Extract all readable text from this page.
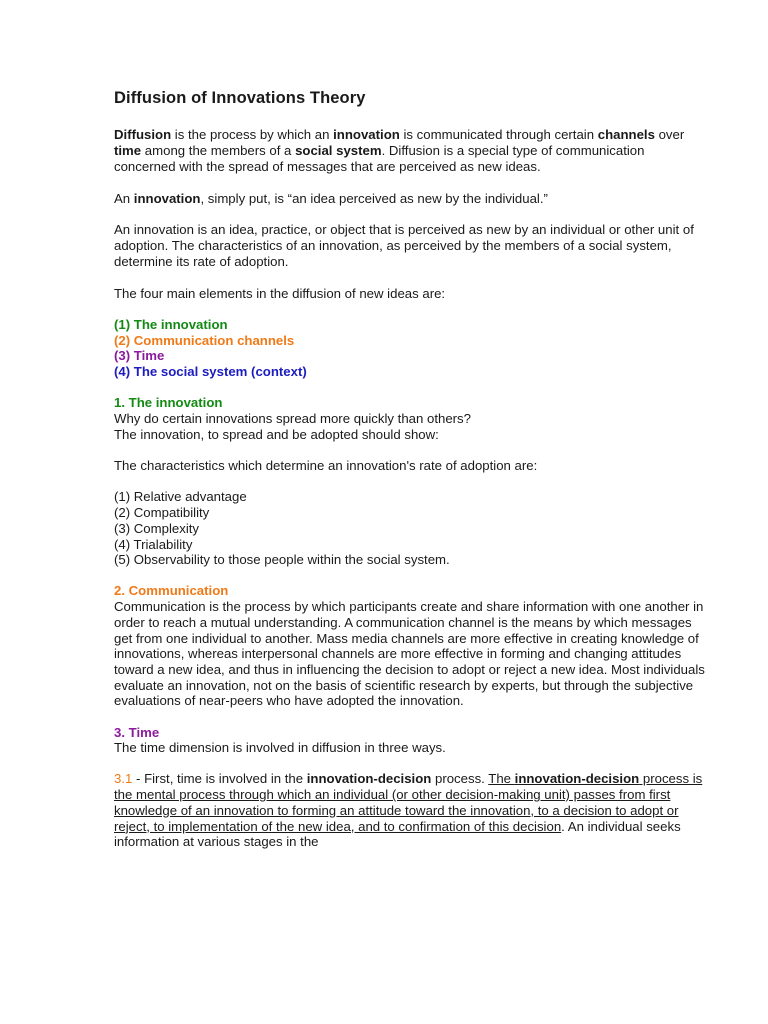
Diffusion of Innovations Theory

Diffusion is the process by which an innovation is communicated through certain channels over time among the members of a social system. Diffusion is a special type of communication concerned with the spread of messages that are perceived as new ideas.

An innovation, simply put, is “an idea perceived as new by the individual.”

An innovation is an idea, practice, or object that is perceived as new by an individual or other unit of adoption. The characteristics of an innovation, as perceived by the members of a social system, determine its rate of adoption.

The four main elements in the diffusion of new ideas are:

(1) The innovation
(2) Communication channels
(3) Time
(4) The social system (context)
1. The innovation
Why do certain innovations spread more quickly than others?
The innovation, to spread and be adopted should show:

The characteristics which determine an innovation's rate of adoption are:

(1) Relative advantage
(2) Compatibility
(3) Complexity
(4) Trialability
(5) Observability to those people within the social system.
2. Communication
Communication is the process by which participants create and share information with one another in order to reach a mutual understanding. A communication channel is the means by which messages get from one individual to another. Mass media channels are more effective in creating knowledge of innovations, whereas interpersonal channels are more effective in forming and changing attitudes toward a new idea, and thus in influencing the decision to adopt or reject a new idea. Most individuals evaluate an innovation, not on the basis of scientific research by experts, but through the subjective evaluations of near-peers who have adopted the innovation.
3. Time
The time dimension is involved in diffusion in three ways.
3.1 - First, time is involved in the innovation-decision process. The innovation-decision process is the mental process through which an individual (or other decision-making unit) passes from first knowledge of an innovation to forming an attitude toward the innovation, to a decision to adopt or reject, to implementation of the new idea, and to confirmation of this decision. An individual seeks information at various stages in the
